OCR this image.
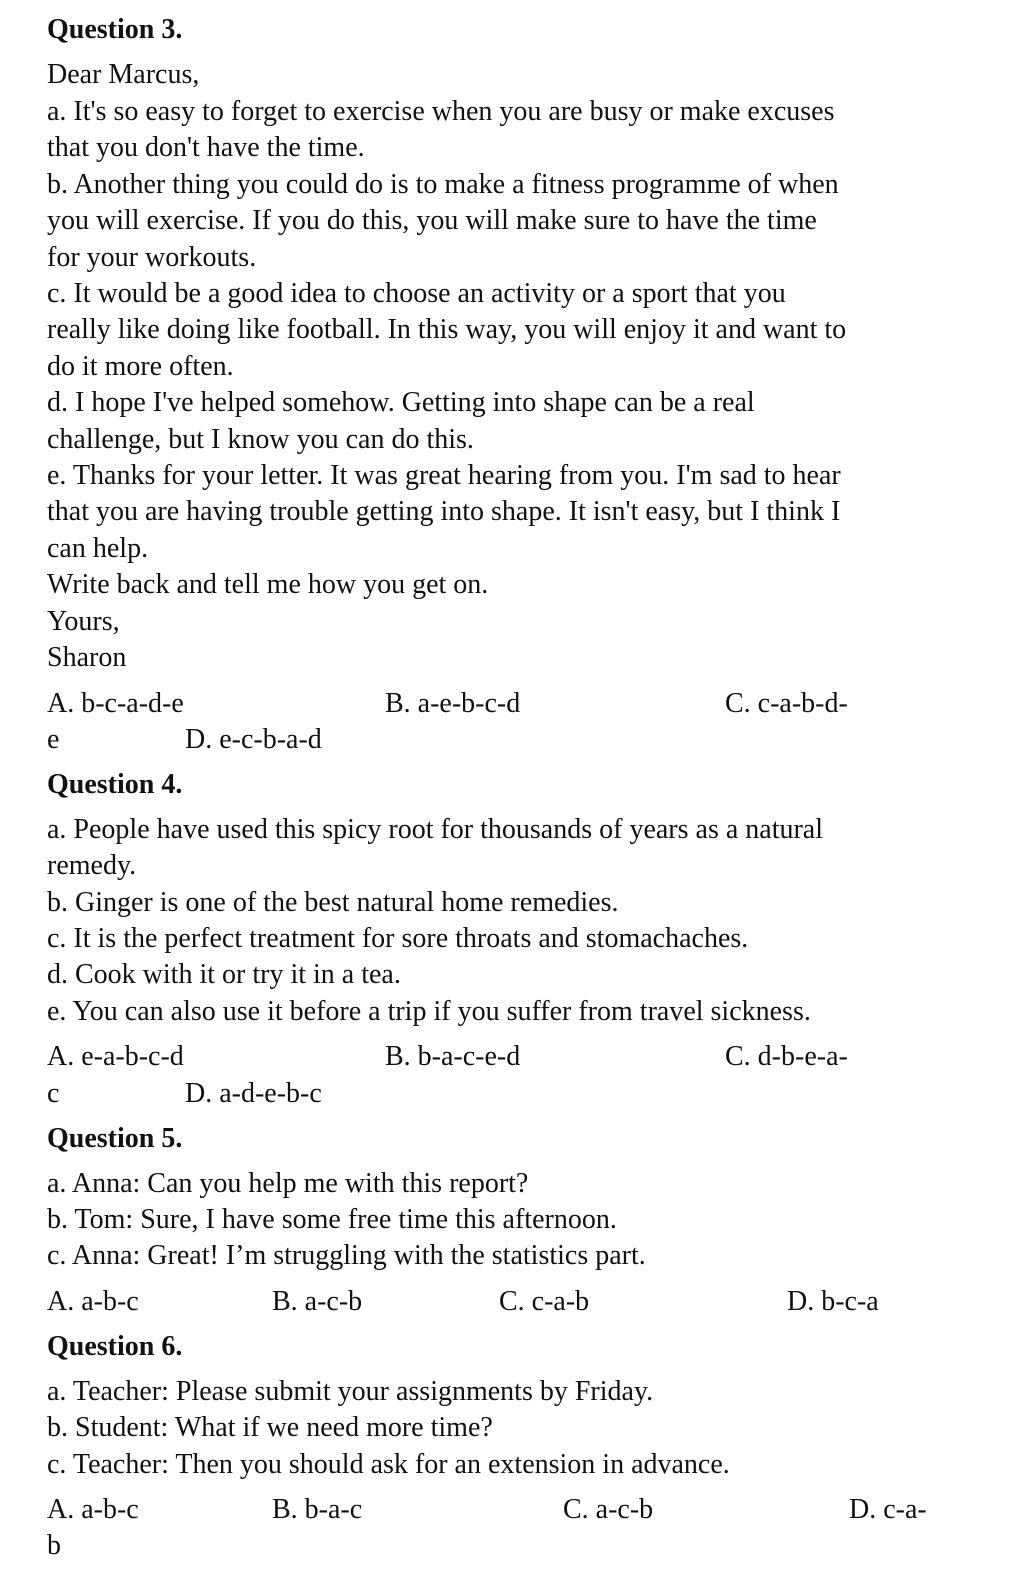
Question 3.
Dear Marcus,
a. It's so easy to forget to exercise when you are busy or make excuses
that you don't have the time.
b. Another thing you could do is to make a fitness programme of when
you will exercise. If you do this, you will make sure to have the time
for your workouts.
c. It would be a good idea to choose an activity or a sport that you
really like doing like football. In this way, you will enjoy it and want to
do it more often.
d. I hope I've helped somehow. Getting into shape can be a real
challenge, but I know you can do this.
e. Thanks for your letter. It was great hearing from you. I'm sad to hear
that you are having trouble getting into shape. It isn't easy, but I think I
can help.
Write back and tell me how you get on.
Yours,
Sharon
A. b-c-a-d-e	B. a-e-b-c-d	C. c-a-b-d-
e	D. e-c-b-a-d
Question 4.
a. People have used this spicy root for thousands of years as a natural
remedy.
b. Ginger is one of the best natural home remedies.
c. It is the perfect treatment for sore throats and stomachaches.
d. Cook with it or try it in a tea.
e. You can also use it before a trip if you suffer from travel sickness.
A. e-a-b-c-d	B. b-a-c-e-d	C. d-b-e-a-
c	D. a-d-e-b-c
Question 5.
a. Anna: Can you help me with this report?
b. Tom: Sure, I have some free time this afternoon.
c. Anna: Great! I’m struggling with the statistics part.
A. a-b-c	B. a-c-b	C. c-a-b	D. b-c-a
Question 6.
a. Teacher: Please submit your assignments by Friday.
b. Student: What if we need more time?
c. Teacher: Then you should ask for an extension in advance.
A. a-b-c	B. b-a-c	C. a-c-b	D. c-a-
b
